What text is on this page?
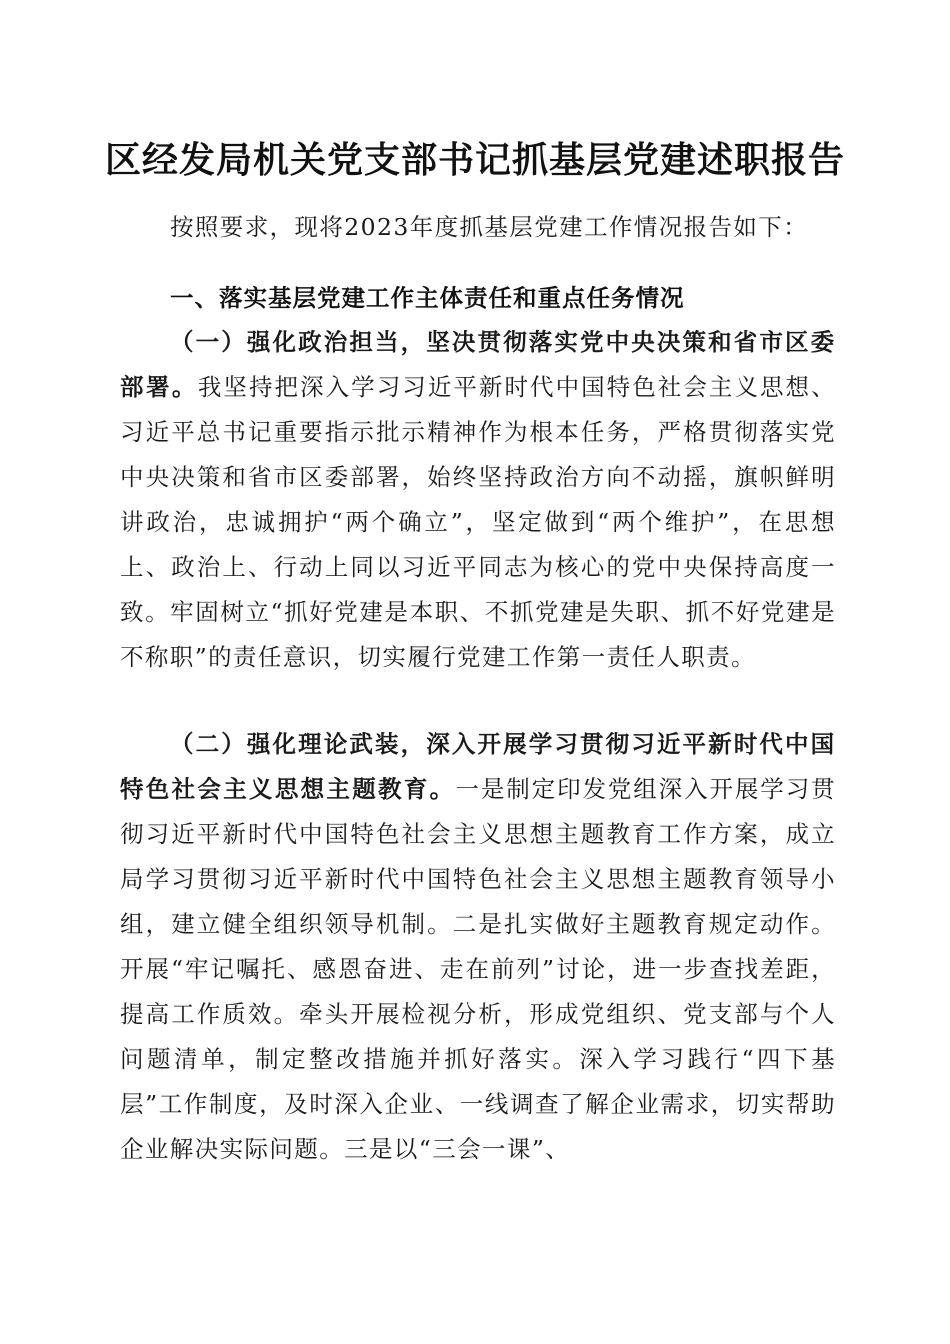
区经发局机关党支部书记抓基层党建述职报告
按照要求，现将2023年度抓基层党建工作情况报告如下：
一、落实基层党建工作主体责任和重点任务情况
（一）强化政治担当，坚决贯彻落实党中央决策和省市区委部署。我坚持把深入学习习近平新时代中国特色社会主义思想、习近平总书记重要指示批示精神作为根本任务，严格贯彻落实党中央决策和省市区委部署，始终坚持政治方向不动摇，旗帜鲜明讲政治，忠诚拥护“两个确立”，坚定做到“两个维护”，在思想上、政治上、行动上同以习近平同志为核心的党中央保持高度一致。牢固树立“抓好党建是本职、不抓党建是失职、抓不好党建是不称职”的责任意识，切实履行党建工作第一责任人职责。
（二）强化理论武装，深入开展学习贯彻习近平新时代中国特色社会主义思想主题教育。一是制定印发党组深入开展学习贯彻习近平新时代中国特色社会主义思想主题教育工作方案，成立局学习贯彻习近平新时代中国特色社会主义思想主题教育领导小组，建立健全组织领导机制。二是扎实做好主题教育规定动作。开展“牢记嘱托、感恩奋进、走在前列”讨论，进一步查找差距，提高工作质效。牵头开展检视分析，形成党组织、党支部与个人问题清单，制定整改措施并抓好落实。深入学习践行“四下基层”工作制度，及时深入企业、一线调查了解企业需求，切实帮助企业解决实际问题。三是以“三会一课”、
